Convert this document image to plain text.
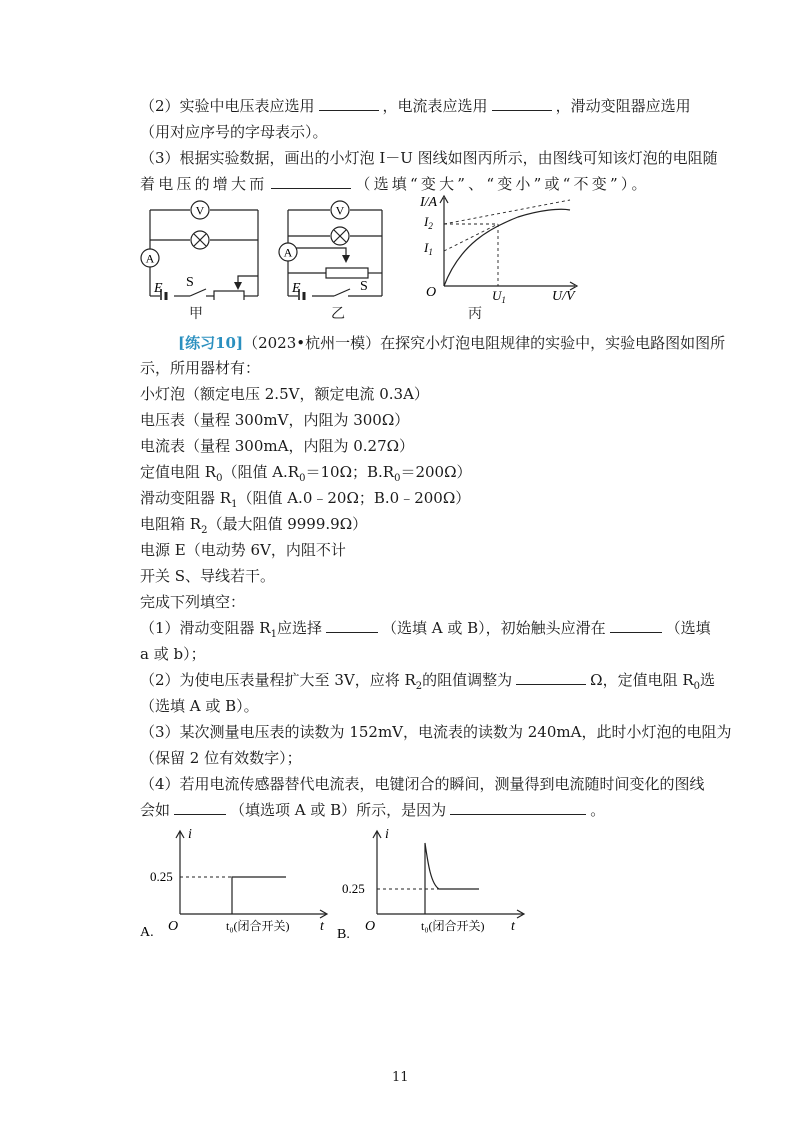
（2）实验中电压表应选用	，电流表应选用	，滑动变阻器应选用
（用对应序号的字母表示）。
（3）根据实验数据，画出的小灯泡 I－U 图线如图丙所示，由图线可知该灯泡的电阻随
着电压的增大而	（选填“变大”、“变小”或“不变”）。
V
A
E S
甲
V
A
E	S
乙
I/A
$I_2$
$I_1$
O	$U_1$	U/V
丙
[练习10]（2023•杭州一模）在探究小灯泡电阻规律的实验中，实验电路图如图所
示，所用器材有：
小灯泡（额定电压 2.5V，额定电流 0.3A）
电压表（量程 300mV，内阻为 300Ω）
电流表（量程 300mA，内阻为 0.27Ω）
定值电阻 $R_0$（阻值 $A.R_0=10\Omega$；$B.R_0=200\Omega$）
滑动变阻器 $R_1$（阻值 A.0﹣20Ω；B.0﹣200Ω）
电阻箱 $R_2$（最大阻值 9999.9Ω）
电源 E（电动势 6V，内阻不计
开关 S、导线若干。
完成下列填空：
（1）滑动变阻器 $R_1$应选择	（选填 A 或 B），初始触头应滑在	（选填
a 或 b）；
（2）为使电压表量程扩大至 3V，应将 $R_2$的阻值调整为	Ω，定值电阻 $R_0$选
（选填 A 或 B）。
（3）某次测量电压表的读数为 152mV，电流表的读数为 240mA，此时小灯泡的电阻为
（保留 2 位有效数字）；
（4）若用电流传感器替代电流表，电键闭合的瞬间，测量得到电流随时间变化的图线
会如	（填选项 A 或 B）所示，是因为	。
i
0.25
O	t₀(闭合开关) t
A.
i
0.25
O	t₀(闭合开关) t
B.
11
